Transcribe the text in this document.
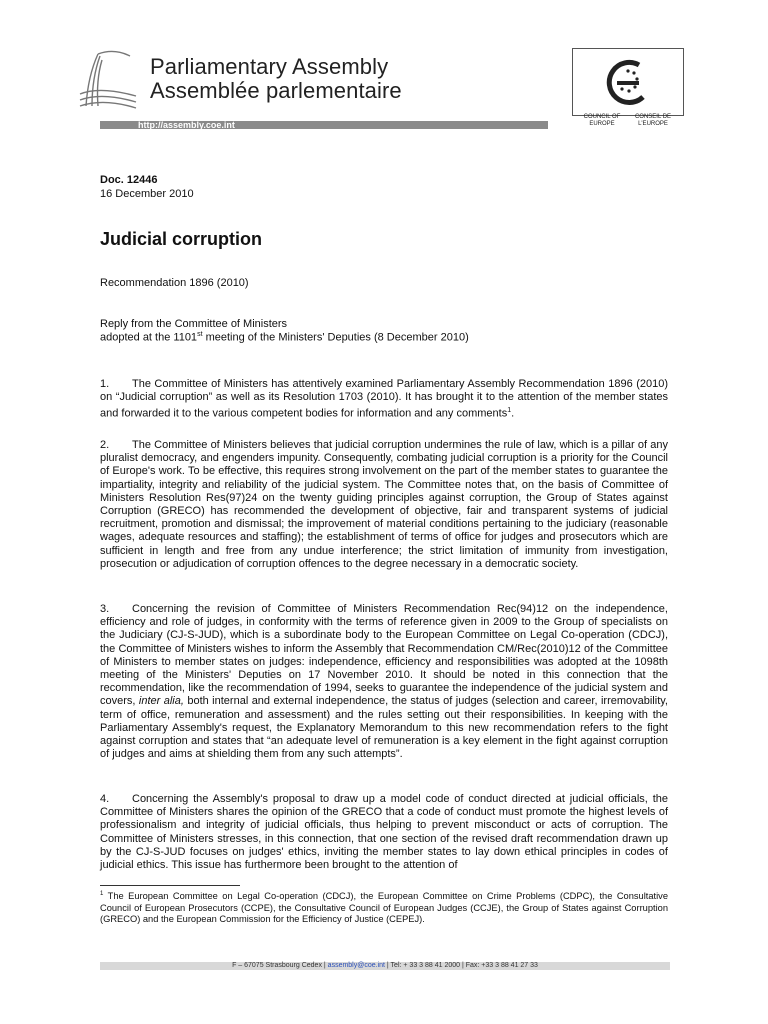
Parliamentary Assembly
Assemblée parlementaire
http://assembly.coe.int
COUNCIL OF EUROPE
CONSEIL DE L'EUROPE
Doc. 12446
16 December 2010
Judicial corruption
Recommendation 1896 (2010)
Reply from the Committee of Ministers
adopted at the 1101st meeting of the Ministers' Deputies (8 December 2010)
1. The Committee of Ministers has attentively examined Parliamentary Assembly Recommendation 1896 (2010) on “Judicial corruption” as well as its Resolution 1703 (2010). It has brought it to the attention of the member states and forwarded it to the various competent bodies for information and any comments$^1$.
2. The Committee of Ministers believes that judicial corruption undermines the rule of law, which is a pillar of any pluralist democracy, and engenders impunity. Consequently, combating judicial corruption is a priority for the Council of Europe's work. To be effective, this requires strong involvement on the part of the member states to guarantee the impartiality, integrity and reliability of the judicial system. The Committee notes that, on the basis of Committee of Ministers Resolution Res(97)24 on the twenty guiding principles against corruption, the Group of States against Corruption (GRECO) has recommended the development of objective, fair and transparent systems of judicial recruitment, promotion and dismissal; the improvement of material conditions pertaining to the judiciary (reasonable wages, adequate resources and staffing); the establishment of terms of office for judges and prosecutors which are sufficient in length and free from any undue interference; the strict limitation of immunity from investigation, prosecution or adjudication of corruption offences to the degree necessary in a democratic society.
3. Concerning the revision of Committee of Ministers Recommendation Rec(94)12 on the independence, efficiency and role of judges, in conformity with the terms of reference given in 2009 to the Group of specialists on the Judiciary (CJ-S-JUD), which is a subordinate body to the European Committee on Legal Co-operation (CDCJ), the Committee of Ministers wishes to inform the Assembly that Recommendation CM/Rec(2010)12 of the Committee of Ministers to member states on judges: independence, efficiency and responsibilities was adopted at the 1098th meeting of the Ministers' Deputies on 17 November 2010. It should be noted in this connection that the recommendation, like the recommendation of 1994, seeks to guarantee the independence of the judicial system and covers, inter alia, both internal and external independence, the status of judges (selection and career, irremovability, term of office, remuneration and assessment) and the rules setting out their responsibilities. In keeping with the Parliamentary Assembly's request, the Explanatory Memorandum to this new recommendation refers to the fight against corruption and states that “an adequate level of remuneration is a key element in the fight against corruption of judges and aims at shielding them from any such attempts”.
4. Concerning the Assembly's proposal to draw up a model code of conduct directed at judicial officials, the Committee of Ministers shares the opinion of the GRECO that a code of conduct must promote the highest levels of professionalism and integrity of judicial officials, thus helping to prevent misconduct or acts of corruption. The Committee of Ministers stresses, in this connection, that one section of the revised draft recommendation drawn up by the CJ-S-JUD focuses on judges' ethics, inviting the member states to lay down ethical principles in codes of judicial ethics. This issue has furthermore been brought to the attention of
$^1$ The European Committee on Legal Co-operation (CDCJ), the European Committee on Crime Problems (CDPC), the Consultative Council of European Prosecutors (CCPE), the Consultative Council of European Judges (CCJE), the Group of States against Corruption (GRECO) and the European Commission for the Efficiency of Justice (CEPEJ).
F – 67075 Strasbourg Cedex | assembly@coe.int | Tel: + 33 3 88 41 2000 | Fax: +33 3 88 41 27 33
